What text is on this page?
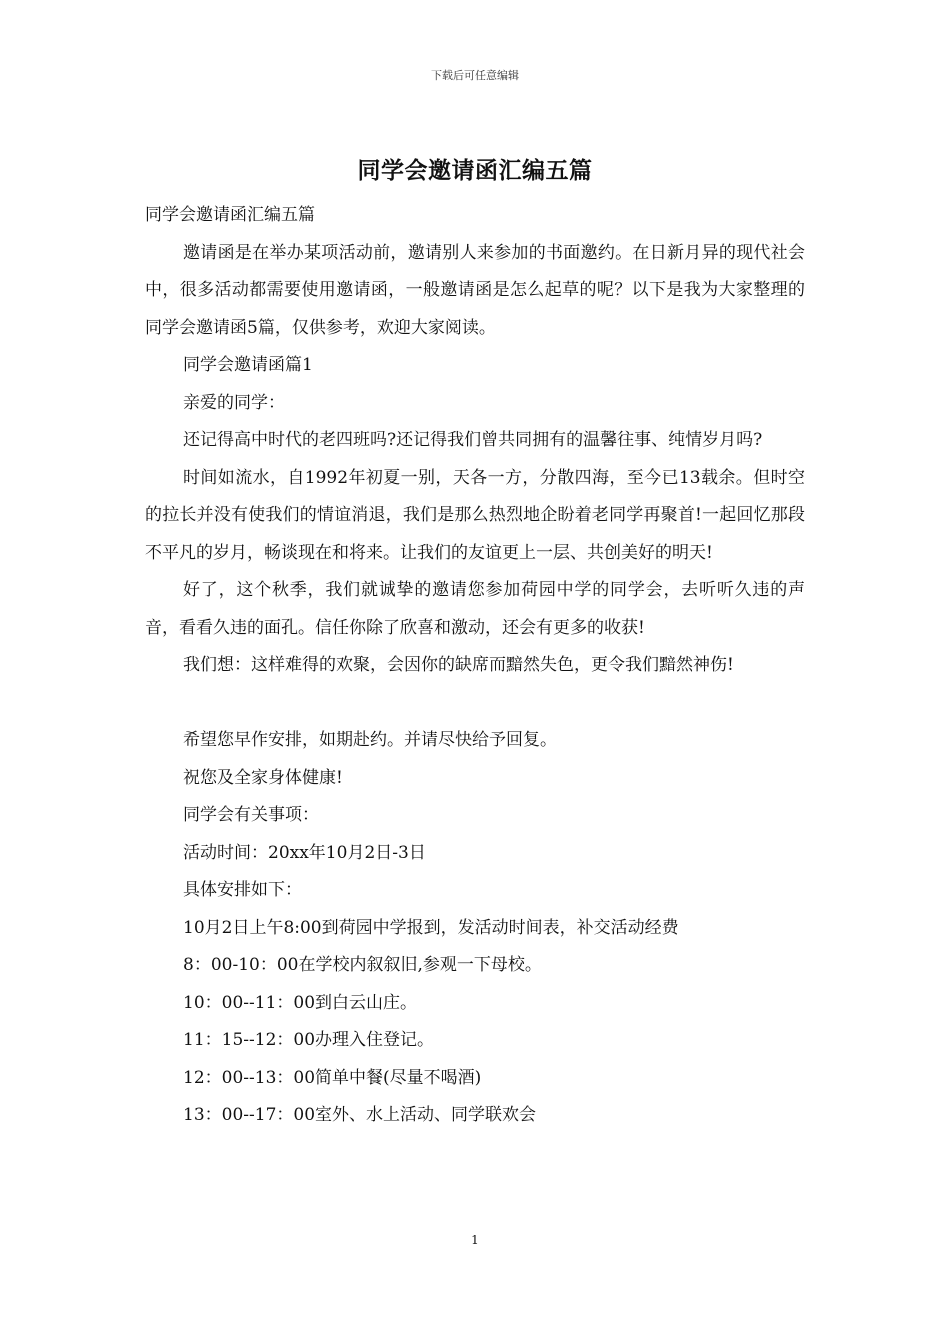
下载后可任意编辑
同学会邀请函汇编五篇

同学会邀请函汇编五篇

邀请函是在举办某项活动前，邀请别人来参加的书面邀约。在日新月异的现代社会中，很多活动都需要使用邀请函，一般邀请函是怎么起草的呢？以下是我为大家整理的同学会邀请函5篇，仅供参考，欢迎大家阅读。

同学会邀请函篇1

亲爱的同学：

还记得高中时代的老四班吗?还记得我们曾共同拥有的温馨往事、纯情岁月吗?

时间如流水，自1992年初夏一别，天各一方，分散四海，至今已13载余。但时空的拉长并没有使我们的情谊消退，我们是那么热烈地企盼着老同学再聚首!一起回忆那段不平凡的岁月，畅谈现在和将来。让我们的友谊更上一层、共创美好的明天!

好了，这个秋季，我们就诚挚的邀请您参加荷园中学的同学会，去听听久违的声音，看看久违的面孔。信任你除了欣喜和激动，还会有更多的收获!

我们想：这样难得的欢聚，会因你的缺席而黯然失色，更令我们黯然神伤!

希望您早作安排，如期赴约。并请尽快给予回复。

祝您及全家身体健康!

同学会有关事项：

活动时间：20xx年10月2日-3日

具体安排如下：

10月2日上午8:00到荷园中学报到，发活动时间表，补交活动经费

8：00-10：00在学校内叙叙旧,参观一下母校。

10：00--11：00到白云山庄。

11：15--12：00办理入住登记。

12：00--13：00简单中餐(尽量不喝酒)

13：00--17：00室外、水上活动、同学联欢会

1
